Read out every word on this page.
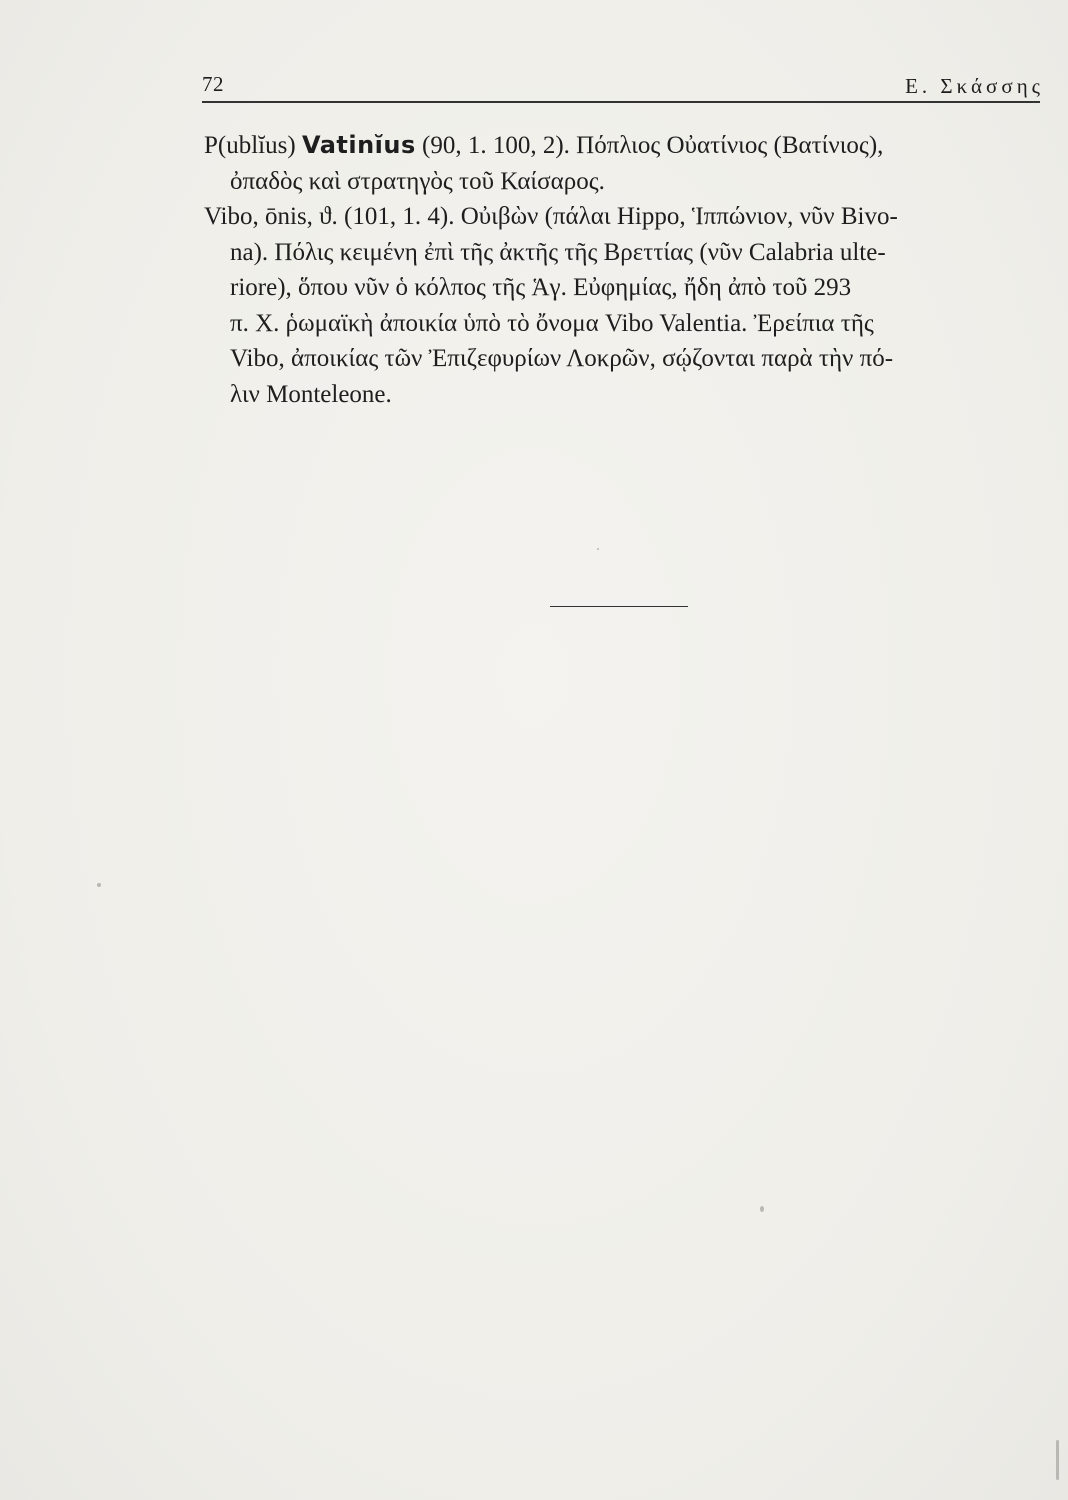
72	Ε. Σκάσσης
P(ublĭus) Vatinĭus (90, 1. 100, 2). Πόπλιος Οὐατίνιος (Βατίνιος),
ὀπαδὸς καὶ στρατηγὸς τοῦ Καίσαρος.
Vibo, ōnis, ϑ. (101, 1. 4). Οὐιβὼν (πάλαι Hippo, Ἱππώνιον, νῦν Bivo-
na). Πόλις κειμένη ἐπὶ τῆς ἀκτῆς τῆς Βρεττίας (νῦν Calabria ulte-
riore), ὅπου νῦν ὁ κόλπος τῆς Ἁγ. Εὐφημίας, ἤδη ἀπὸ τοῦ 293
π. Χ. ῥωμαϊκὴ ἀποικία ὑπὸ τὸ ὄνομα Vibo Valentia. Ἐρείπια τῆς
Vibo, ἀποικίας τῶν Ἐπιζεφυρίων Λοκρῶν, σῴζονται παρὰ τὴν πό-
λιν Monteleone.
